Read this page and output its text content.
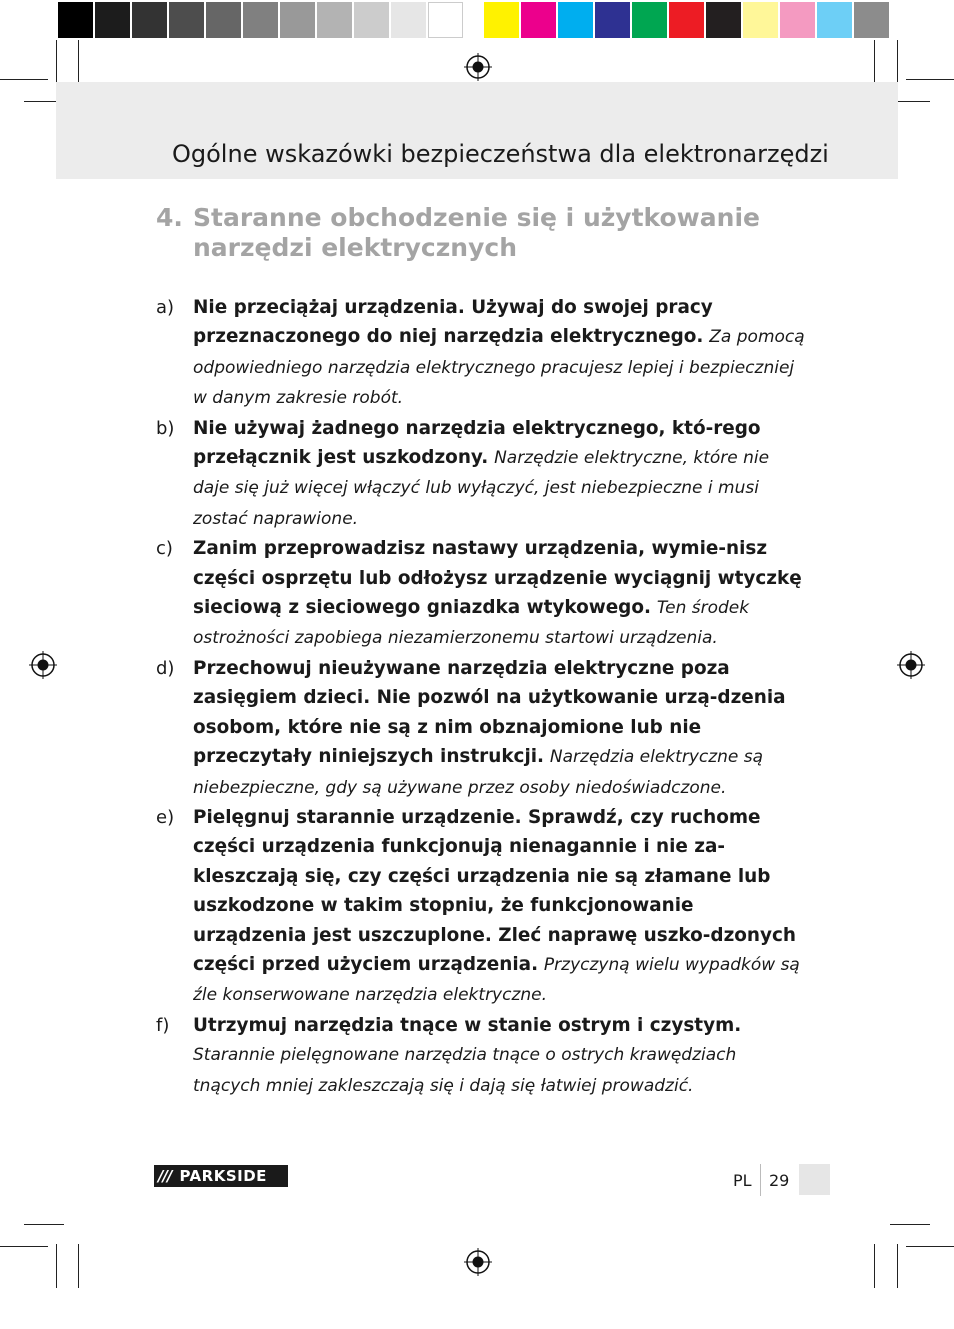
Ogólne wskazówki bezpieczeństwa dla elektronarzędzi
4. Staranne obchodzenie się i użytkowanie narzędzi elektrycznych
a) Nie przeciążaj urządzenia. Używaj do swojej pracy przeznaczonego do niej narzędzia elektrycznego. Za pomocą odpowiedniego narzędzia elektrycznego pracujesz lepiej i bezpieczniej w danym zakresie robót.
b) Nie używaj żadnego narzędzia elektrycznego, któ-rego przełącznik jest uszkodzony. Narzędzie elektryczne, które nie daje się już więcej włączyć lub wyłączyć, jest niebezpieczne i musi zostać naprawione.
c) Zanim przeprowadzisz nastawy urządzenia, wymie-nisz części osprzętu lub odłożysz urządzenie wyciągnij wtyczkę sieciową z sieciowego gniazdka wtykowego. Ten środek ostrożności zapobiega niezamierzonemu startowi urządzenia.
d) Przechowuj nieużywane narzędzia elektryczne poza zasięgiem dzieci. Nie pozwól na użytkowanie urzą-dzenia osobom, które nie są z nim obznajomione lub nie przeczytały niniejszych instrukcji. Narzędzia elektryczne są niebezpieczne, gdy są używane przez osoby niedoświadczone.
e) Pielęgnuj starannie urządzenie. Sprawdź, czy ruchome części urządzenia funkcjonują nienagannie i nie za-kleszczają się, czy części urządzenia nie są złamane lub uszkodzone w takim stopniu, że funkcjonowanie urządzenia jest uszczuplone. Zleć naprawę uszko-dzonych części przed użyciem urządzenia. Przyczyną wielu wypadków są źle konserwowane narzędzia elektryczne.
f) Utrzymuj narzędzia tnące w stanie ostrym i czystym. Starannie pielęgnowane narzędzia tnące o ostrych krawędziach tnących mniej zakleszczają się i dają się łatwiej prowadzić.
/// PARKSIDE	PL 29
